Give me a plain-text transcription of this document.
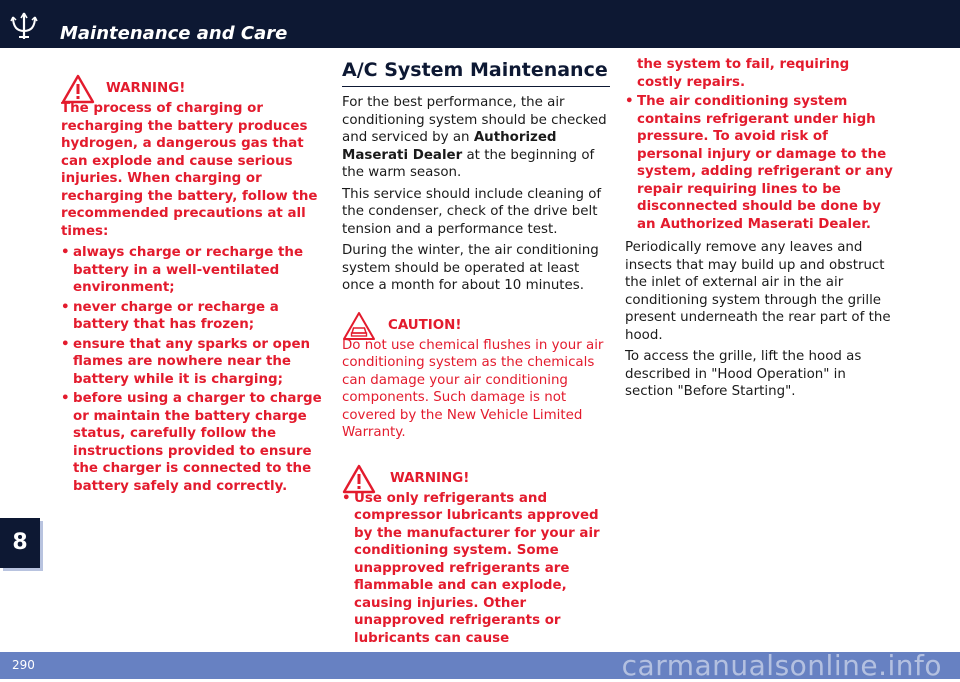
Maintenance and Care
WARNING!

The process of charging or recharging the battery produces hydrogen, a dangerous gas that can explode and cause serious injuries. When charging or recharging the battery, follow the recommended precautions at all times:

• always charge or recharge the battery in a well-ventilated environment;
• never charge or recharge a battery that has frozen;
• ensure that any sparks or open flames are nowhere near the battery while it is charging;
• before using a charger to charge or maintain the battery charge status, carefully follow the instructions provided to ensure the charger is connected to the battery safely and correctly.
A/C System Maintenance

For the best performance, the air conditioning system should be checked and serviced by an Authorized Maserati Dealer at the beginning of the warm season.

This service should include cleaning of the condenser, check of the drive belt tension and a performance test.

During the winter, the air conditioning system should be operated at least once a month for about 10 minutes.

CAUTION!

Do not use chemical flushes in your air conditioning system as the chemicals can damage your air conditioning components. Such damage is not covered by the New Vehicle Limited Warranty.

WARNING!
• Use only refrigerants and compressor lubricants approved by the manufacturer for your air conditioning system. Some unapproved refrigerants are flammable and can explode, causing injuries. Other unapproved refrigerants or lubricants can cause
the system to fail, requiring costly repairs.
• The air conditioning system contains refrigerant under high pressure. To avoid risk of personal injury or damage to the system, adding refrigerant or any repair requiring lines to be disconnected should be done by an Authorized Maserati Dealer.

Periodically remove any leaves and insects that may build up and obstruct the inlet of external air in the air conditioning system through the grille present underneath the rear part of the hood.

To access the grille, lift the hood as described in "Hood Operation" in section "Before Starting".

8
290	carmanualsonline.info
